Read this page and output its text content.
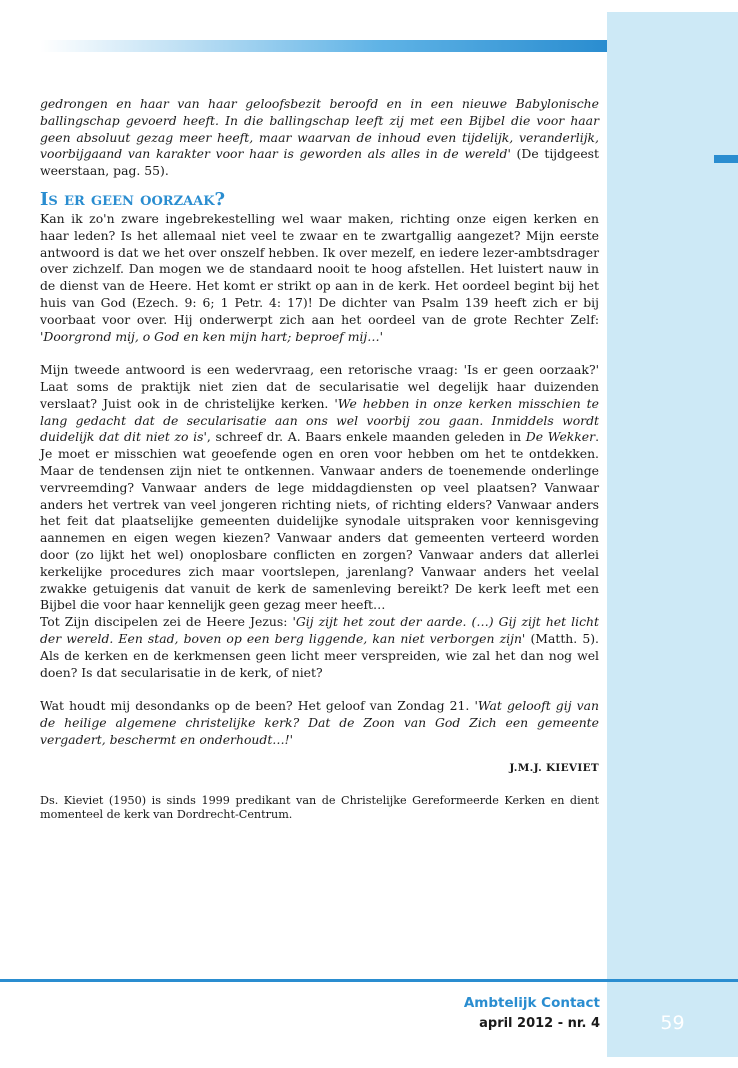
gedrongen en haar van haar geloofsbezit beroofd en in een nieuwe Babylonische ballingschap gevoerd heeft. In die ballingschap leeft zij met een Bijbel die voor haar geen absoluut gezag meer heeft, maar waarvan de inhoud even tijdelijk, veranderlijk, voorbijgaand van karakter voor haar is geworden als alles in de wereld' (De tijdgeest weerstaan, pag. 55).

Is er geen oorzaak?

Kan ik zo'n zware ingebrekestelling wel waar maken, richting onze eigen kerken en haar leden? Is het allemaal niet veel te zwaar en te zwartgallig aangezet? Mijn eerste antwoord is dat we het over onszelf hebben. Ik over mezelf, en iedere lezer-ambtsdrager over zichzelf. Dan mogen we de standaard nooit te hoog afstellen. Het luistert nauw in de dienst van de Heere. Het komt er strikt op aan in de kerk. Het oordeel begint bij het huis van God (Ezech. 9: 6; 1 Petr. 4: 17)! De dichter van Psalm 139 heeft zich er bij voorbaat voor over. Hij onderwerpt zich aan het oordeel van de grote Rechter Zelf: 'Doorgrond mij, o God en ken mijn hart; beproef mij…'

Mijn tweede antwoord is een wedervraag, een retorische vraag: 'Is er geen oorzaak?' Laat soms de praktijk niet zien dat de secularisatie wel degelijk haar duizenden verslaat? Juist ook in de christelijke kerken. 'We hebben in onze kerken misschien te lang gedacht dat de secularisatie aan ons wel voorbij zou gaan. Inmiddels wordt duidelijk dat dit niet zo is', schreef dr. A. Baars enkele maanden geleden in De Wekker. Je moet er misschien wat geoefende ogen en oren voor hebben om het te ontdekken. Maar de tendensen zijn niet te ontkennen. Vanwaar anders de toenemende onderlinge vervreemding? Vanwaar anders de lege middagdiensten op veel plaatsen? Vanwaar anders het vertrek van veel jongeren richting niets, of richting elders? Vanwaar anders het feit dat plaatselijke gemeenten duidelijke synodale uitspraken voor kennisgeving aannemen en eigen wegen kiezen? Vanwaar anders dat gemeenten verteerd worden door (zo lijkt het wel) onoplosbare conflicten en zorgen? Vanwaar anders dat allerlei kerkelijke procedures zich maar voortslepen, jarenlang? Vanwaar anders het veelal zwakke getuigenis dat vanuit de kerk de samenleving bereikt? De kerk leeft met een Bijbel die voor haar kennelijk geen gezag meer heeft…

Tot Zijn discipelen zei de Heere Jezus: 'Gij zijt het zout der aarde. (…) Gij zijt het licht der wereld. Een stad, boven op een berg liggende, kan niet verborgen zijn' (Matth. 5). Als de kerken en de kerkmensen geen licht meer verspreiden, wie zal het dan nog wel doen? Is dat secularisatie in de kerk, of niet?

Wat houdt mij desondanks op de been? Het geloof van Zondag 21. 'Wat gelooft gij van de heilige algemene christelijke kerk? Dat de Zoon van God Zich een gemeente vergadert, beschermt en onderhoudt…!'

J.M.J. KIEVIET

Ds. Kieviet (1950) is sinds 1999 predikant van de Christelijke Gereformeerde Kerken en dient momenteel de kerk van Dordrecht-Centrum.

Ambtelijk Contact
april 2012 - nr. 4	59
